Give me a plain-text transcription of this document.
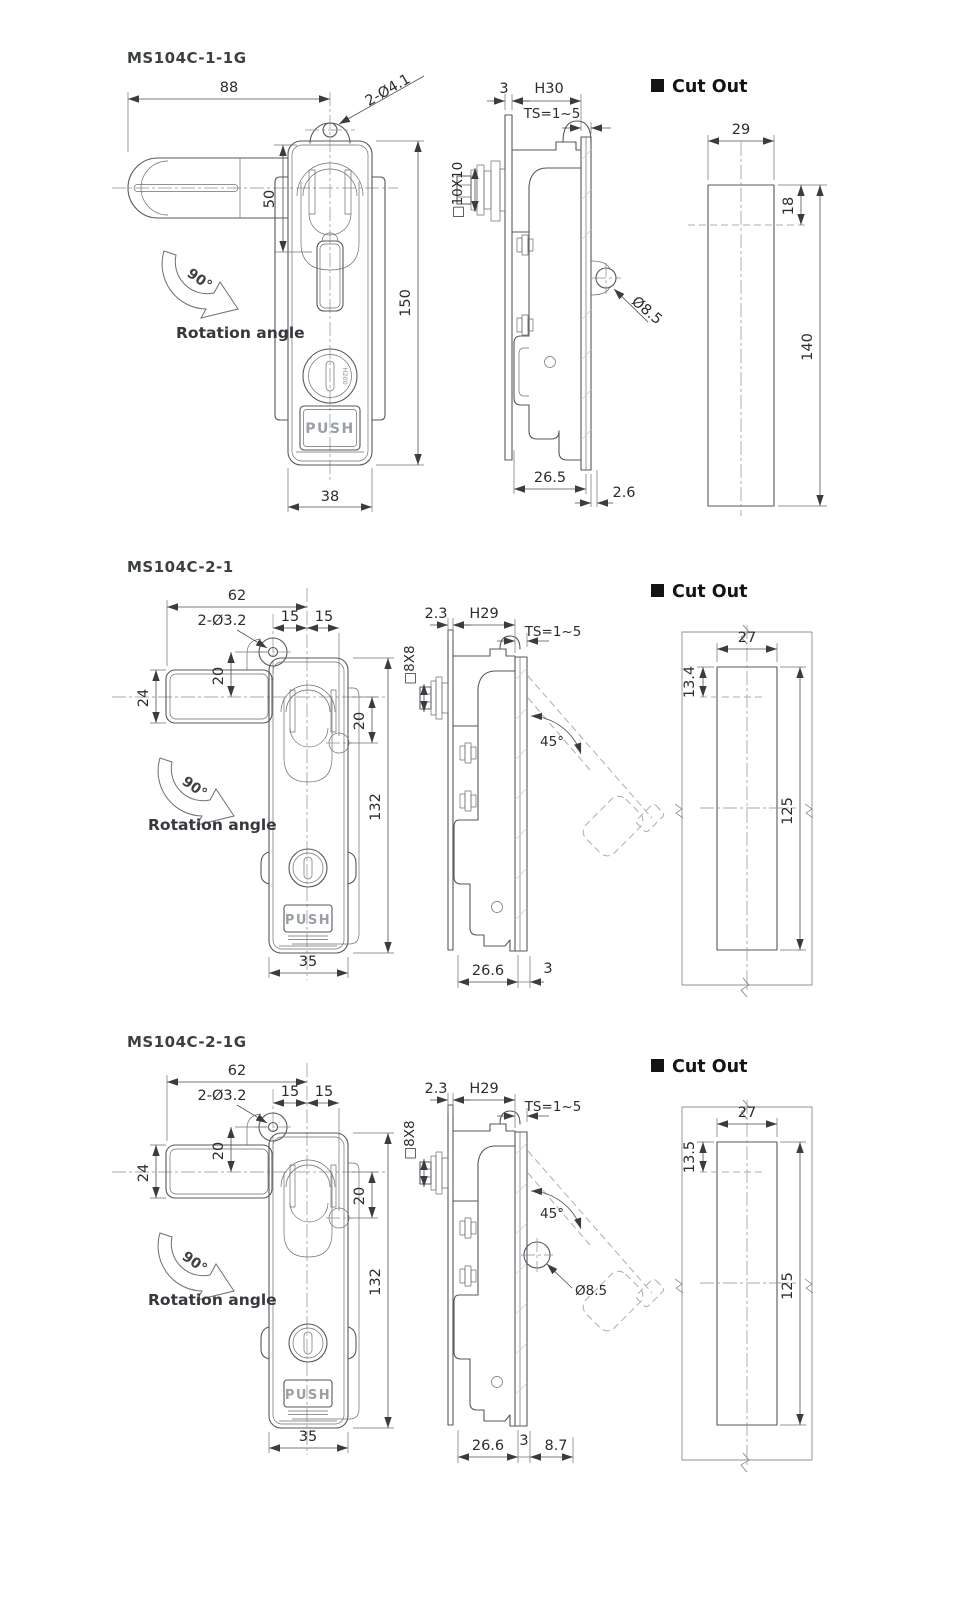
MS104C-1-1G
H200
PUSH
88	2-Ø4.1
50
150
38
90°
Rotation angle
□10X10
Ø8.5
3 H30
TS=1~5
26.5
2.6
Cut Out
29
18
140
MS104C-2-1
PUSH
62
2-Ø3.2 15 15
20
24
20
132
35
90°
Rotation angle
□8X8
45°
2.3 H29
TS=1~5
26.6	3
Cut Out
27
13.4
125
MS104C-2-1G
PUSH
62
2-Ø3.2 15 15
20
24
20
132
35
90°
Rotation angle
□8X8
45°
Ø8.5
2.3 H29
TS=1~5
26.6 3 8.7
Cut Out
27
13.5
125
